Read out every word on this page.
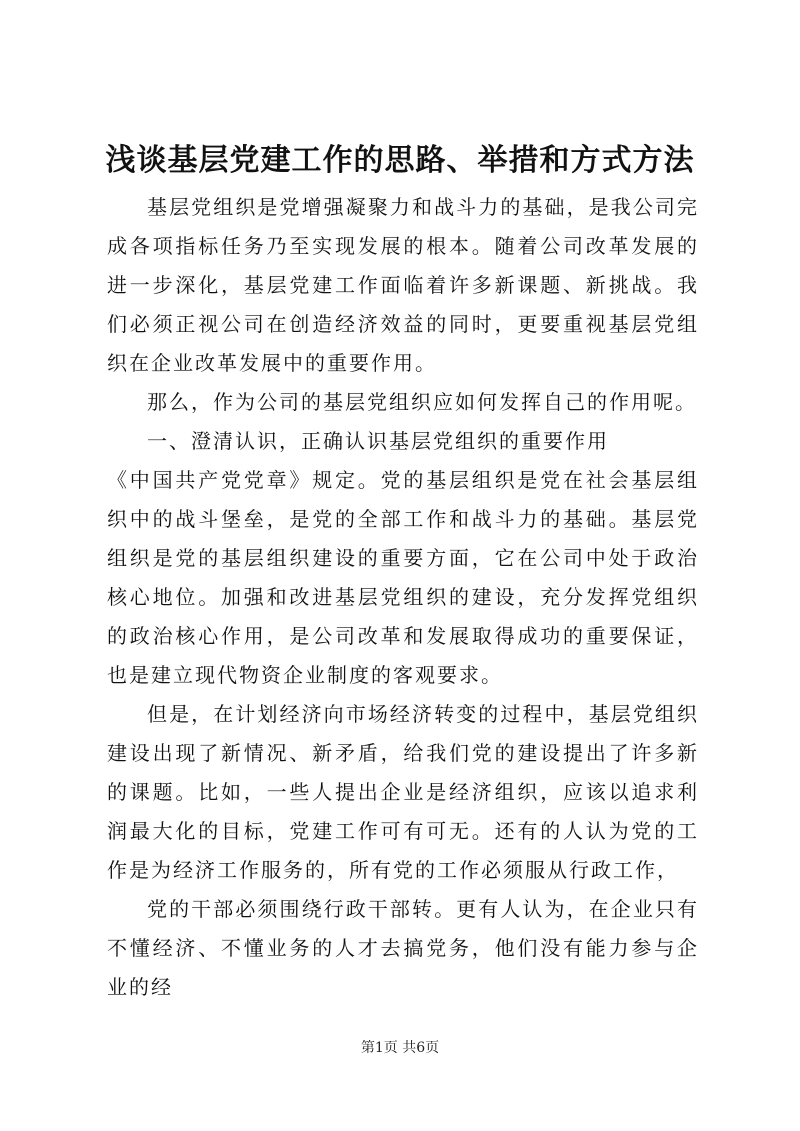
浅谈基层党建工作的思路、举措和方式方法

基层党组织是党增强凝聚力和战斗力的基础，是我公司完成各项指标任务乃至实现发展的根本。随着公司改革发展的进一步深化，基层党建工作面临着许多新课题、新挑战。我们必须正视公司在创造经济效益的同时，更要重视基层党组织在企业改革发展中的重要作用。

那么，作为公司的基层党组织应如何发挥自己的作用呢。

一、澄清认识，正确认识基层党组织的重要作用

《中国共产党党章》规定。党的基层组织是党在社会基层组织中的战斗堡垒，是党的全部工作和战斗力的基础。基层党组织是党的基层组织建设的重要方面，它在公司中处于政治核心地位。加强和改进基层党组织的建设，充分发挥党组织的政治核心作用，是公司改革和发展取得成功的重要保证，也是建立现代物资企业制度的客观要求。

但是，在计划经济向市场经济转变的过程中，基层党组织建设出现了新情况、新矛盾，给我们党的建设提出了许多新的课题。比如，一些人提出企业是经济组织，应该以追求利润最大化的目标，党建工作可有可无。还有的人认为党的工作是为经济工作服务的，所有党的工作必须服从行政工作，

党的干部必须围绕行政干部转。更有人认为，在企业只有不懂经济、不懂业务的人才去搞党务，他们没有能力参与企业的经

第1页 共6页
